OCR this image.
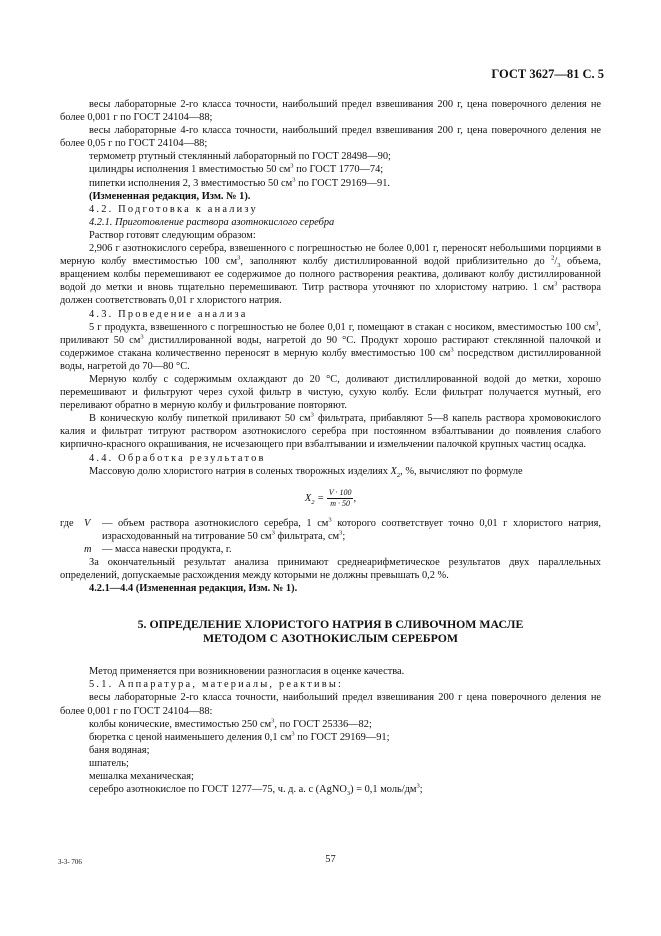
ГОСТ 3627—81 С. 5

весы лабораторные 2-го класса точности, наибольший предел взвешивания 200 г, цена поверочного деления не более 0,001 г по ГОСТ 24104—88;

весы лабораторные 4-го класса точности, наибольший предел взвешивания 200 г, цена поверочного деления не более 0,05 г по ГОСТ 24104—88;

термометр ртутный стеклянный лабораторный по ГОСТ 28498—90;

цилиндры исполнения 1 вместимостью 50 $см^3$ по ГОСТ 1770—74;

пипетки исполнения 2, 3 вместимостью 50 $см^3$ по ГОСТ 29169—91.

(Измененная редакция, Изм. № 1).

4.2. Подготовка к анализу

4.2.1. Приготовление раствора азотнокислого серебра

Раствор готовят следующим образом:

2,906 г азотнокислого серебра, взвешенного с погрешностью не более 0,001 г, переносят небольшими порциями в мерную колбу вместимостью 100 $см^3$, заполняют колбу дистиллированной водой приблизительно до $^2/_3$ объема, вращением колбы перемешивают ее содержимое до полного растворения реактива, доливают колбу дистиллированной водой до метки и вновь тщательно перемешивают. Титр раствора уточняют по хлористому натрию. 1 $см^3$ раствора должен соответствовать 0,01 г хлористого натрия.

4.3. Проведение анализа

5 г продукта, взвешенного с погрешностью не более 0,01 г, помещают в стакан с носиком, вместимостью 100 $см^3$, приливают 50 $см^3$ дистиллированной воды, нагретой до 90 °С. Продукт хорошо растирают стеклянной палочкой и содержимое стакана количественно переносят в мерную колбу вместимостью 100 $см^3$ посредством дистиллированной воды, нагретой до 70—80 °С.

Мерную колбу с содержимым охлаждают до 20 °С, доливают дистиллированной водой до метки, хорошо перемешивают и фильтруют через сухой фильтр в чистую, сухую колбу. Если фильтрат получается мутный, его переливают обратно в мерную колбу и фильтрование повторяют.

В коническую колбу пипеткой приливают 50 $см^3$ фильтрата, прибавляют 5—8 капель раствора хромовокислого калия и фильтрат титруют раствором азотнокислого серебра при постоянном взбалтывании до появления слабого кирпично-красного окрашивания, не исчезающего при взбалтывании и измельчении палочкой крупных частиц осадка.

4.4. Обработка результатов

Массовую долю хлористого натрия в соленых творожных изделиях $X_2$, %, вычисляют по формуле

$X_2 = \frac{V \cdot 100}{m \cdot 50}$ ,
где V	— объем раствора азотнокислого серебра, 1 $см^3$ которого соответствует точно 0,01 г хлористого натрия, израсходованный на титрование 50 $см^3$ фильтрата, $см^3$;
m	— масса навески продукта, г.

За окончательный результат анализа принимают среднеарифметическое результатов двух параллельных определений, допускаемые расхождения между которыми не должны превышать 0,2 %.

4.2.1—4.4 (Измененная редакция, Изм. № 1).

5. ОПРЕДЕЛЕНИЕ ХЛОРИСТОГО НАТРИЯ В СЛИВОЧНОМ МАСЛЕ
МЕТОДОМ С АЗОТНОКИСЛЫМ СЕРЕБРОМ

Метод применяется при возникновении разногласия в оценке качества.

5.1. Аппаратура, материалы, реактивы:

весы лабораторные 2-го класса точности, наибольший предел взвешивания 200 г цена поверочного деления не более 0,001 г по ГОСТ 24104—88:

колбы конические, вместимостью 250 $см^3$, по ГОСТ 25336—82;

бюретка с ценой наименьшего деления 0,1 $см^3$ по ГОСТ 29169—91;

баня водяная;

шпатель;

мешалка механическая;

серебро азотнокислое по ГОСТ 1277—75, ч. д. а. с (AgNO$_3$) = 0,1 моль/$дм^3$;

3-3- 706	57
